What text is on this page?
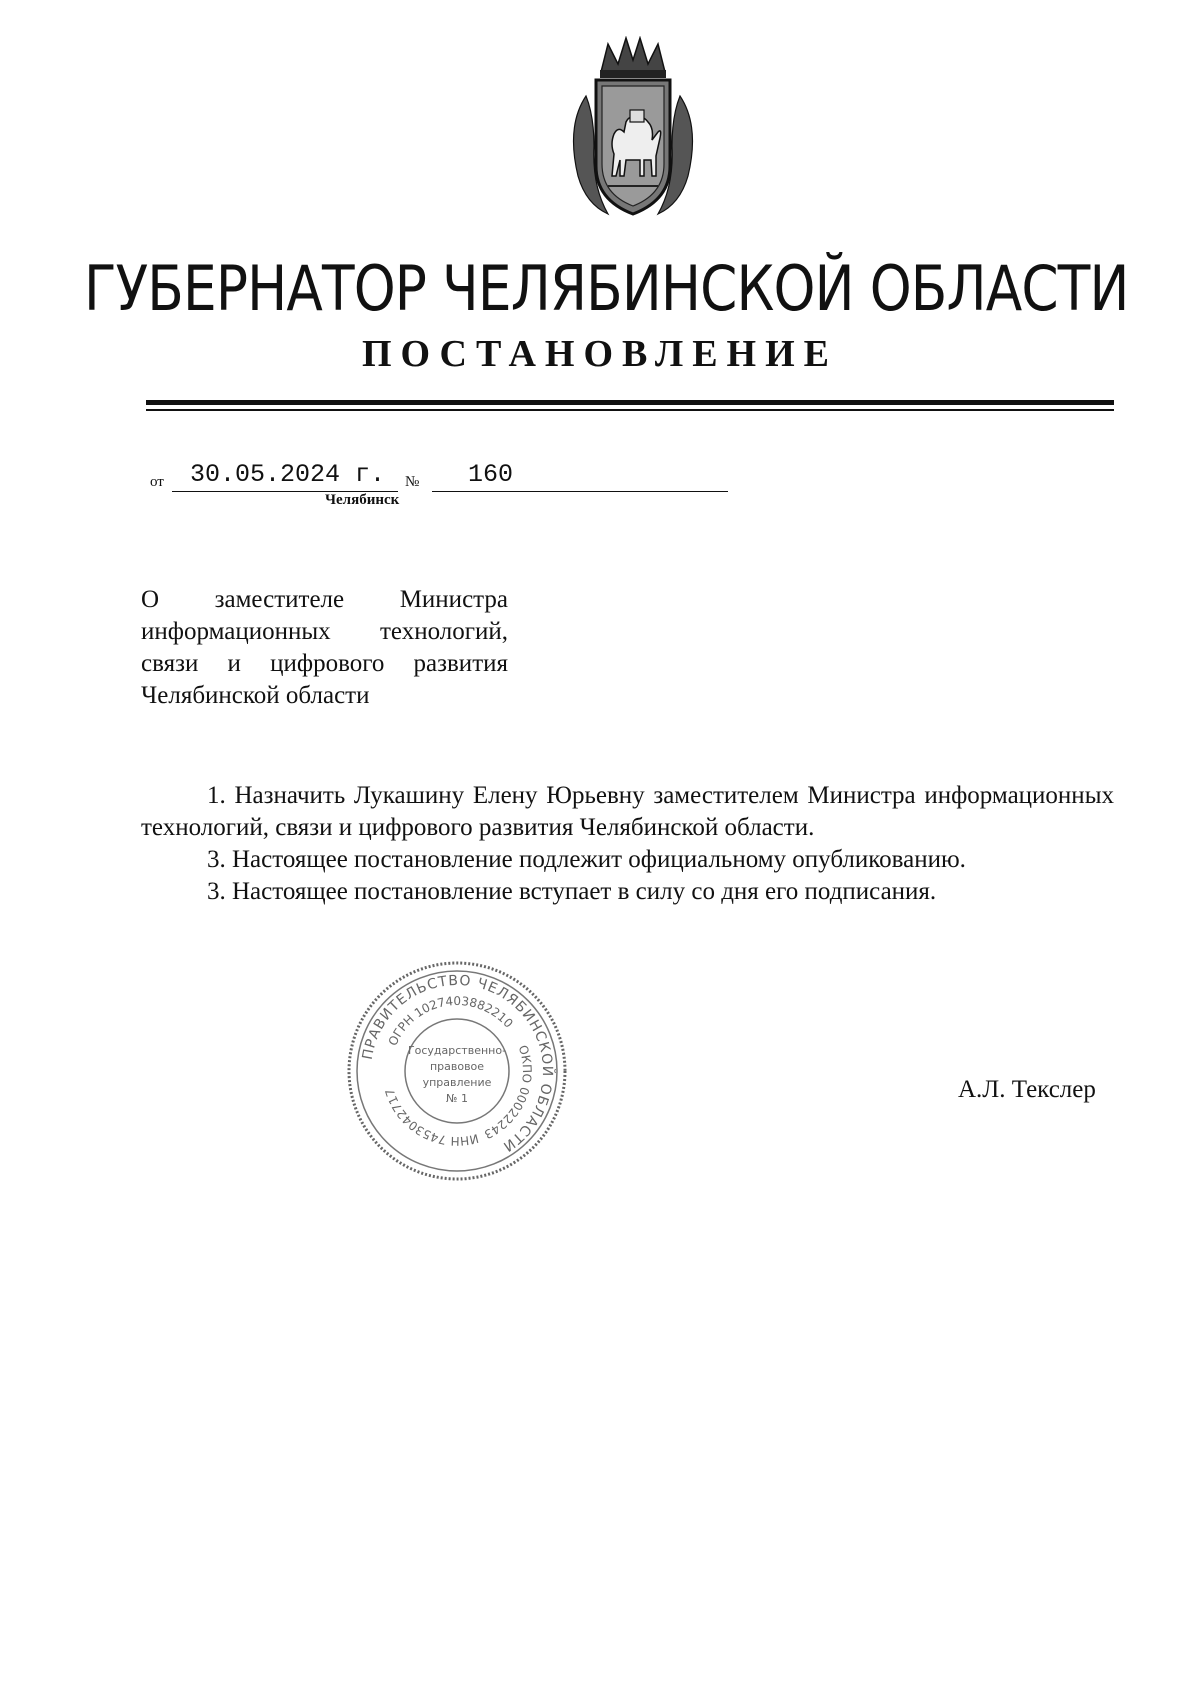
ГУБЕРНАТОР ЧЕЛЯБИНСКОЙ ОБЛАСТИ
ПОСТАНОВЛЕНИЕ
от 30.05.2024 г. № 160
Челябинск
О заместителе Министра
информационных технологий,
связи и цифрового развития
Челябинской области

1. Назначить Лукашину Елену Юрьевну заместителем Министра информационных технологий, связи и цифрового развития Челябинской области.

3. Настоящее постановление подлежит официальному опубликованию.

3. Настоящее постановление вступает в силу со дня его подписания.

ПРАВИТЕЛЬСТВО ЧЕЛЯБИНСКОЙ ОБЛАСТИ
ОГРН 1027403882210
ОКПО 00022243
ИНН 7453042717
Государственно-
правовое
управление
№ 1	А.Л. Текслер
